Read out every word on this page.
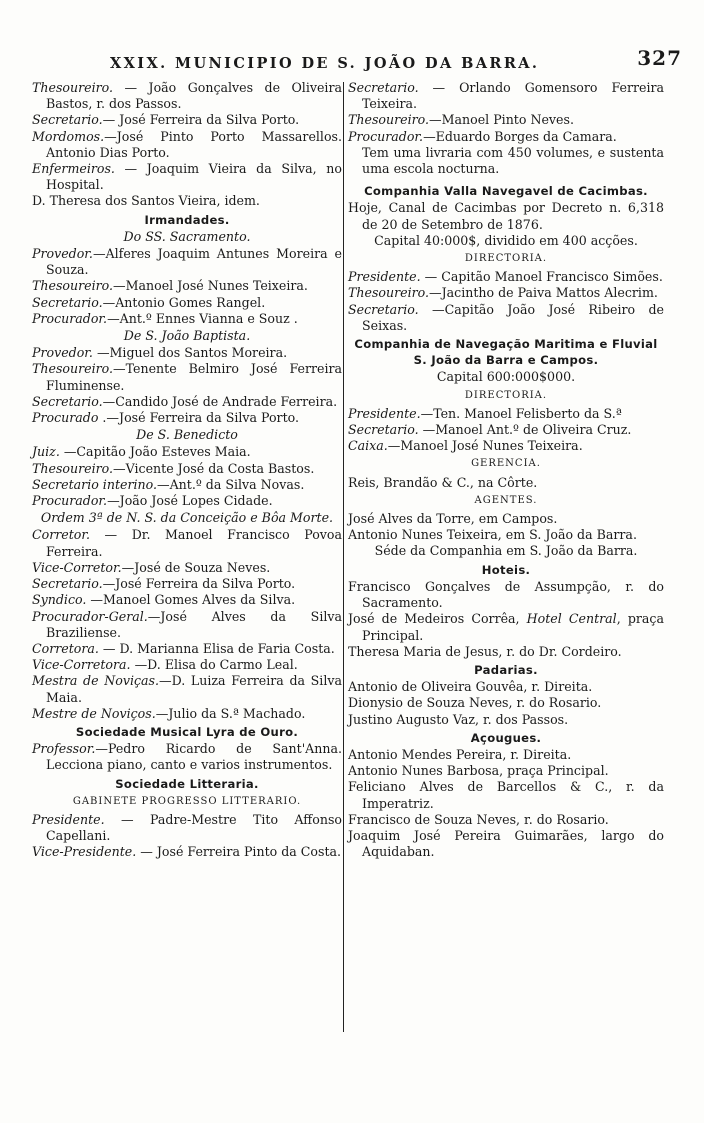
XXIX. MUNICIPIO DE S. JOÃO DA BARRA.	327

Thesoureiro. — João Gonçalves de Oliveira Bastos, r. dos Passos.

Secretario.— José Ferreira da Silva Porto.

Mordomos.—José Pinto Porto Massarellos. Antonio Dias Porto.

Enfermeiros. — Joaquim Vieira da Silva, no Hospital.

D. Theresa dos Santos Vieira, idem.

Irmandades.
Do SS. Sacramento.

Provedor.—Alferes Joaquim Antunes Moreira e Souza.

Thesoureiro.—Manoel José Nunes Teixeira.

Secretario.—Antonio Gomes Rangel.

Procurador.—Ant.º Ennes Vianna e Souz .

De S. João Baptista.

Provedor. —Miguel dos Santos Moreira.

Thesoureiro.—Tenente Belmiro José Ferreira Fluminense.

Secretario.—Candido José de Andrade Ferreira.

Procurado .—José Ferreira da Silva Porto.

De S. Benedicto

Juiz. —Capitão João Esteves Maia.

Thesoureiro.—Vicente José da Costa Bastos.

Secretario interino.—Ant.º da Silva Novas.

Procurador.—João José Lopes Cidade.

Ordem 3ª de N. S. da Conceição e Bôa Morte.

Corretor. — Dr. Manoel Francisco Povoa Ferreira.

Vice-Corretor.—José de Souza Neves.

Secretario.—José Ferreira da Silva Porto.

Syndico. —Manoel Gomes Alves da Silva.

Procurador-Geral.—José Alves da Silva Braziliense.

Corretora. — D. Marianna Elisa de Faria Costa.

Vice-Corretora. —D. Elisa do Carmo Leal.

Mestra de Noviças.—D. Luiza Ferreira da Silva Maia.

Mestre de Noviços.—Julio da S.ª Machado.

Sociedade Musical Lyra de Ouro.

Professor.—Pedro Ricardo de Sant'Anna. Lecciona piano, canto e varios instrumentos.

Sociedade Litteraria.
GABINETE PROGRESSO LITTERARIO.

Presidente. — Padre-Mestre Tito Affonso Capellani.

Vice-Presidente. — José Ferreira Pinto da Costa.

Secretario. — Orlando Gomensoro Ferreira Teixeira.

Thesoureiro.—Manoel Pinto Neves.

Procurador.—Eduardo Borges da Camara.

Tem uma livraria com 450 volumes, e sustenta uma escola nocturna.

Companhia Valla Navegavel de Cacimbas.

Hoje, Canal de Cacimbas por Decreto n. 6,318 de 20 de Setembro de 1876.

Capital 40:000$, dividido em 400 acções.

DIRECTORIA.

Presidente. — Capitão Manoel Francisco Simões.

Thesoureiro.—Jacintho de Paiva Mattos Alecrim.

Secretario. —Capitão João José Ribeiro de Seixas.

Companhia de Navegação Maritima e Fluvial S. João da Barra e Campos.

Capital 600:000$000.

DIRECTORIA.

Presidente.—Ten. Manoel Felisberto da S.ª

Secretario. —Manoel Ant.º de Oliveira Cruz.

Caixa.—Manoel José Nunes Teixeira.

GERENCIA.

Reis, Brandão & C., na Côrte.

AGENTES.

José Alves da Torre, em Campos.

Antonio Nunes Teixeira, em S. João da Barra.

Séde da Companhia em S. João da Barra.

Hoteis.

Francisco Gonçalves de Assumpção, r. do Sacramento.

José de Medeiros Corrêa, Hotel Central, praça Principal.

Theresa Maria de Jesus, r. do Dr. Cordeiro.

Padarias.

Antonio de Oliveira Gouvêa, r. Direita.

Dionysio de Souza Neves, r. do Rosario.

Justino Augusto Vaz, r. dos Passos.

Açougues.

Antonio Mendes Pereira, r. Direita.

Antonio Nunes Barbosa, praça Principal.

Feliciano Alves de Barcellos & C., r. da Imperatriz.

Francisco de Souza Neves, r. do Rosario.

Joaquim José Pereira Guimarães, largo do Aquidaban.
